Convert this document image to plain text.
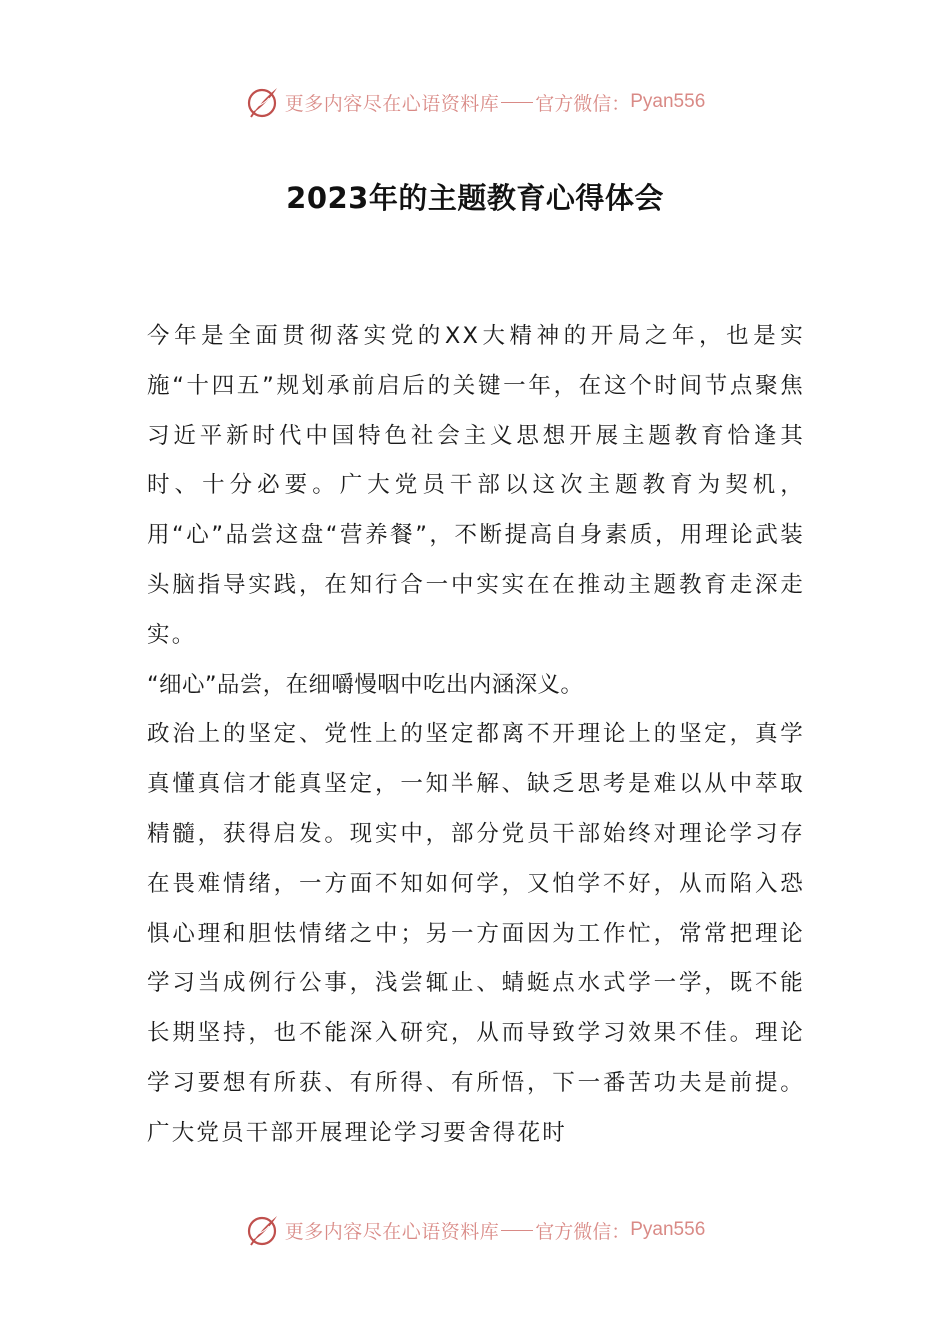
更多内容尽在心语资料库 官方微信： Pyan556
2023年的主题教育心得体会

今年是全面贯彻落实党的XX大精神的开局之年，也是实施“十四五”规划承前启后的关键一年，在这个时间节点聚焦习近平新时代中国特色社会主义思想开展主题教育恰逢其时、十分必要。广大党员干部以这次主题教育为契机，用“心”品尝这盘“营养餐”，不断提高自身素质，用理论武装头脑指导实践，在知行合一中实实在在推动主题教育走深走实。

“细心”品尝，在细嚼慢咽中吃出内涵深义。

政治上的坚定、党性上的坚定都离不开理论上的坚定，真学真懂真信才能真坚定，一知半解、缺乏思考是难以从中萃取精髓，获得启发。现实中，部分党员干部始终对理论学习存在畏难情绪，一方面不知如何学，又怕学不好，从而陷入恐惧心理和胆怯情绪之中；另一方面因为工作忙，常常把理论学习当成例行公事，浅尝辄止、蜻蜓点水式学一学，既不能长期坚持，也不能深入研究，从而导致学习效果不佳。理论学习要想有所获、有所得、有所悟，下一番苦功夫是前提。广大党员干部开展理论学习要舍得花时

更多内容尽在心语资料库 官方微信： Pyan556
